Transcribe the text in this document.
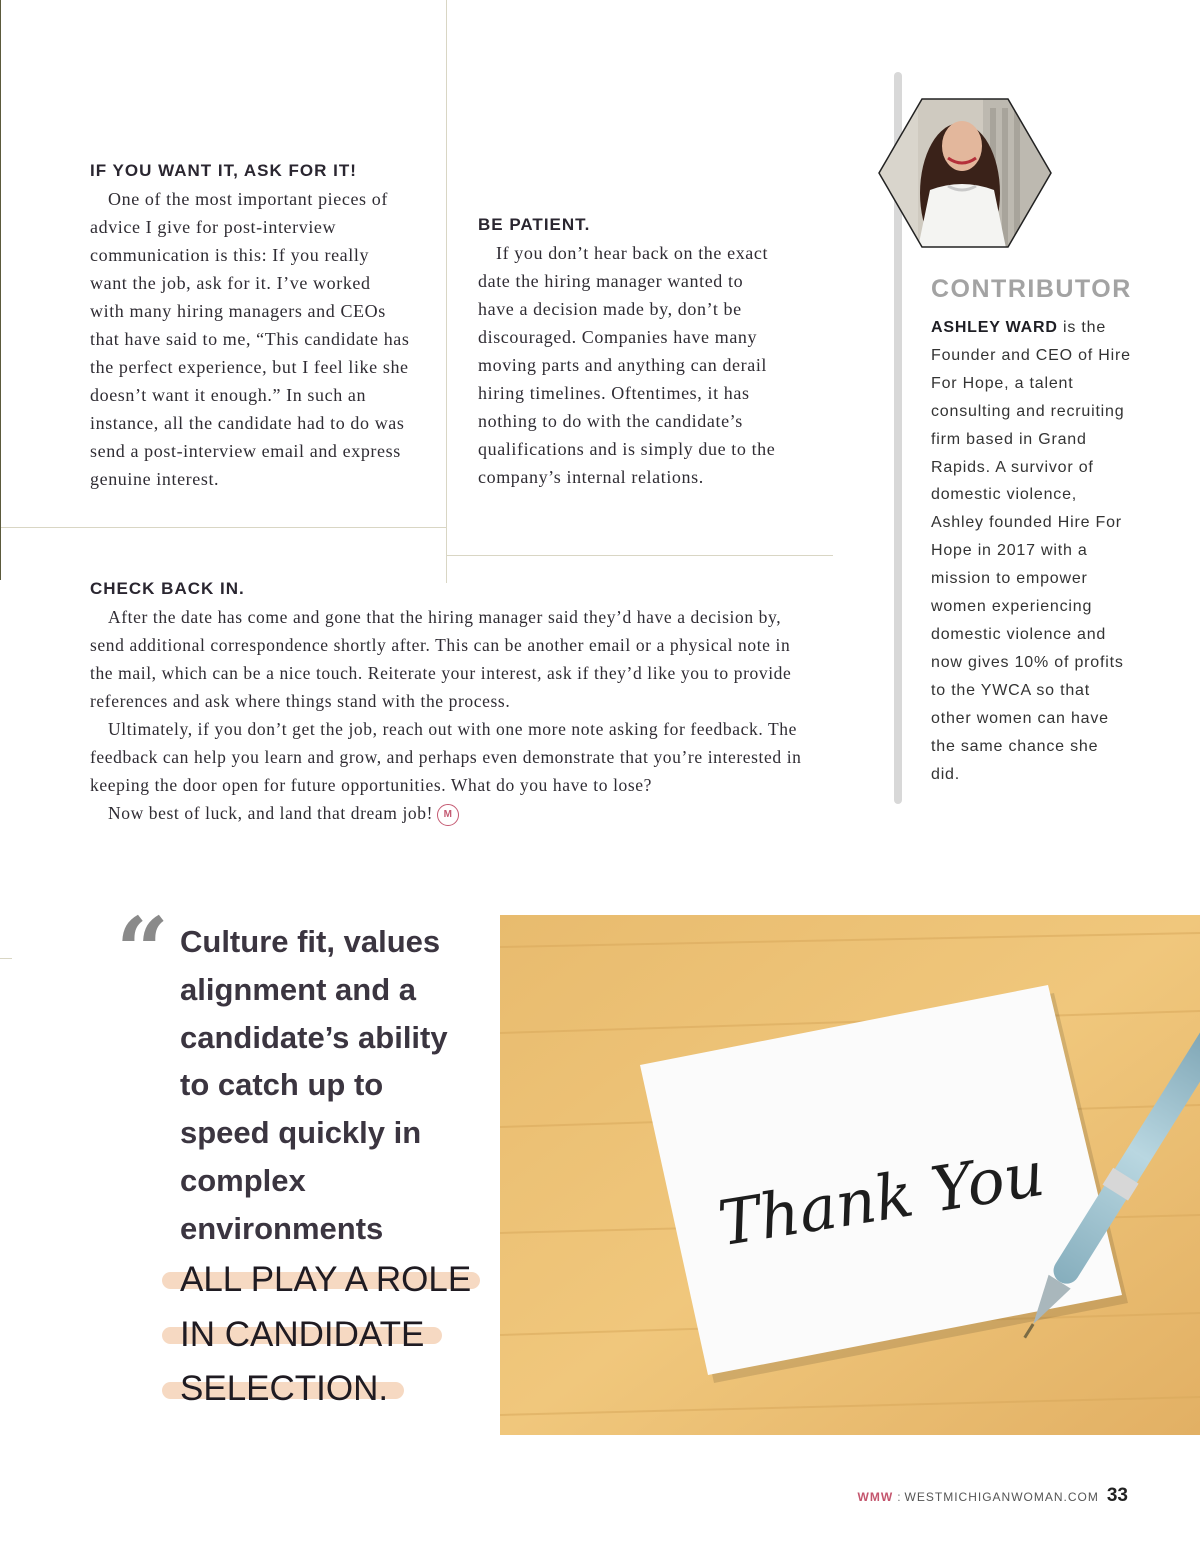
IF YOU WANT IT, ASK FOR IT!

One of the most important pieces of advice I give for post-interview communication is this: If you really want the job, ask for it. I’ve worked with many hiring managers and CEOs that have said to me, “This candidate has the perfect experience, but I feel like she doesn’t want it enough.” In such an instance, all the candidate had to do was send a post-interview email and express genuine interest.

BE PATIENT.

If you don’t hear back on the exact date the hiring manager wanted to have a decision made by, don’t be discouraged. Companies have many moving parts and anything can derail hiring timelines. Oftentimes, it has nothing to do with the candidate’s qualifications and is simply due to the company’s internal relations.

CHECK BACK IN.

After the date has come and gone that the hiring manager said they’d have a decision by, send additional correspondence shortly after. This can be another email or a physical note in the mail, which can be a nice touch. Reiterate your interest, ask if they’d like you to provide references and ask where things stand with the process.

Ultimately, if you don’t get the job, reach out with one more note asking for feedback. The feedback can help you learn and grow, and perhaps even demonstrate that you’re interested in keeping the door open for future opportunities. What do you have to lose?

Now best of luck, and land that dream job! M

CONTRIBUTOR

ASHLEY WARD is the Founder and CEO of Hire For Hope, a talent consulting and recruiting firm based in Grand Rapids. A survivor of domestic violence, Ashley founded Hire For Hope in 2017 with a mission to empower women experiencing domestic violence and now gives 10% of profits to the YWCA so that other women can have the same chance she did.

“ Culture fit, values alignment and a candidate’s ability to catch up to speed quickly in complex environments

ALL PLAY A ROLE
IN CANDIDATE
SELECTION.
Thank You
WMW : WESTMICHIGANWOMAN.COM 33
